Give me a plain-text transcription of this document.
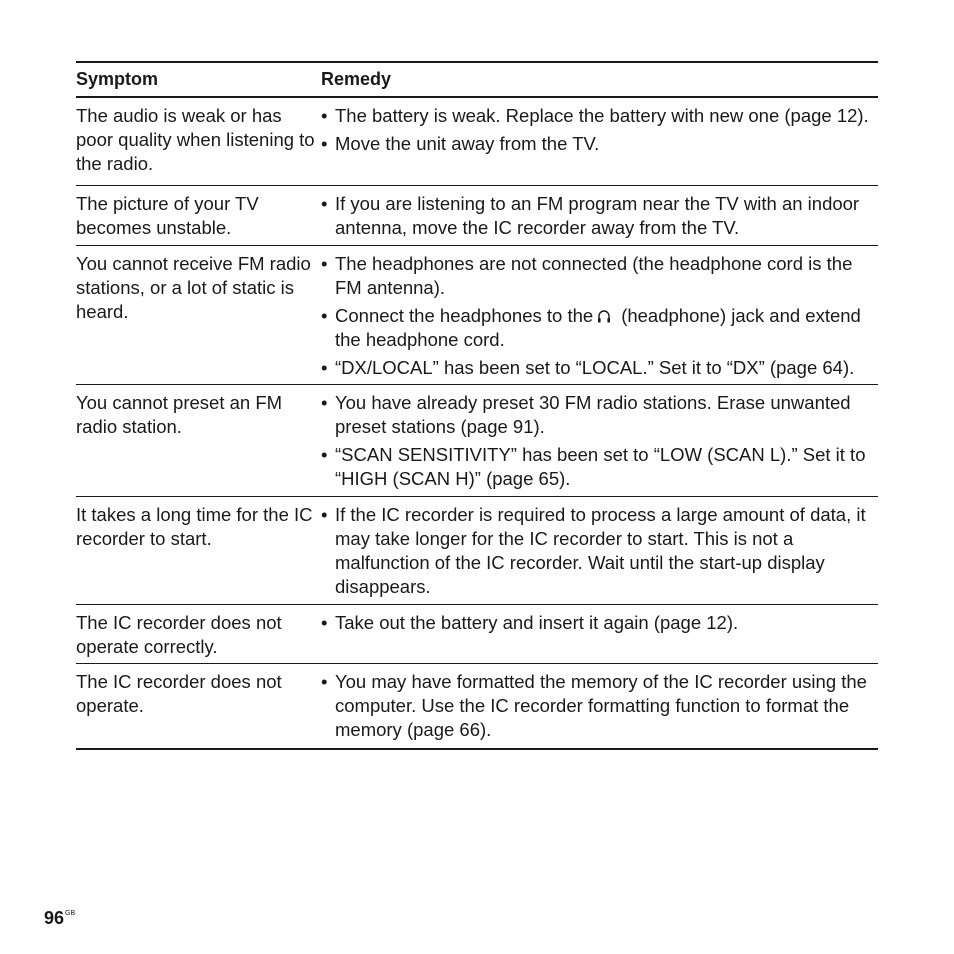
Symptom	Remedy
The audio is weak or has poor quality when listening to the radio.
• The battery is weak. Replace the battery with new one (page 12).
• Move the unit away from the TV.
The picture of your TV becomes unstable.
• If you are listening to an FM program near the TV with an indoor antenna, move the IC recorder away from the TV.
You cannot receive FM radio stations, or a lot of static is heard.
• The headphones are not connected (the headphone cord is the FM antenna).
• Connect the headphones to the (headphone) jack and extend the headphone cord.
• “DX/LOCAL” has been set to “LOCAL.” Set it to “DX” (page 64).
You cannot preset an FM radio station.
• You have already preset 30 FM radio stations. Erase unwanted preset stations (page 91).
• “SCAN SENSITIVITY” has been set to “LOW (SCAN L).” Set it to “HIGH (SCAN H)” (page 65).
It takes a long time for the IC recorder to start.
• If the IC recorder is required to process a large amount of data, it may take longer for the IC recorder to start. This is not a malfunction of the IC recorder. Wait until the start-up display disappears.
The IC recorder does not operate correctly.
• Take out the battery and insert it again (page 12).
The IC recorder does not operate.
• You may have formatted the memory of the IC recorder using the computer. Use the IC recorder formatting function to format the memory (page 66).
$96^{GB}$
